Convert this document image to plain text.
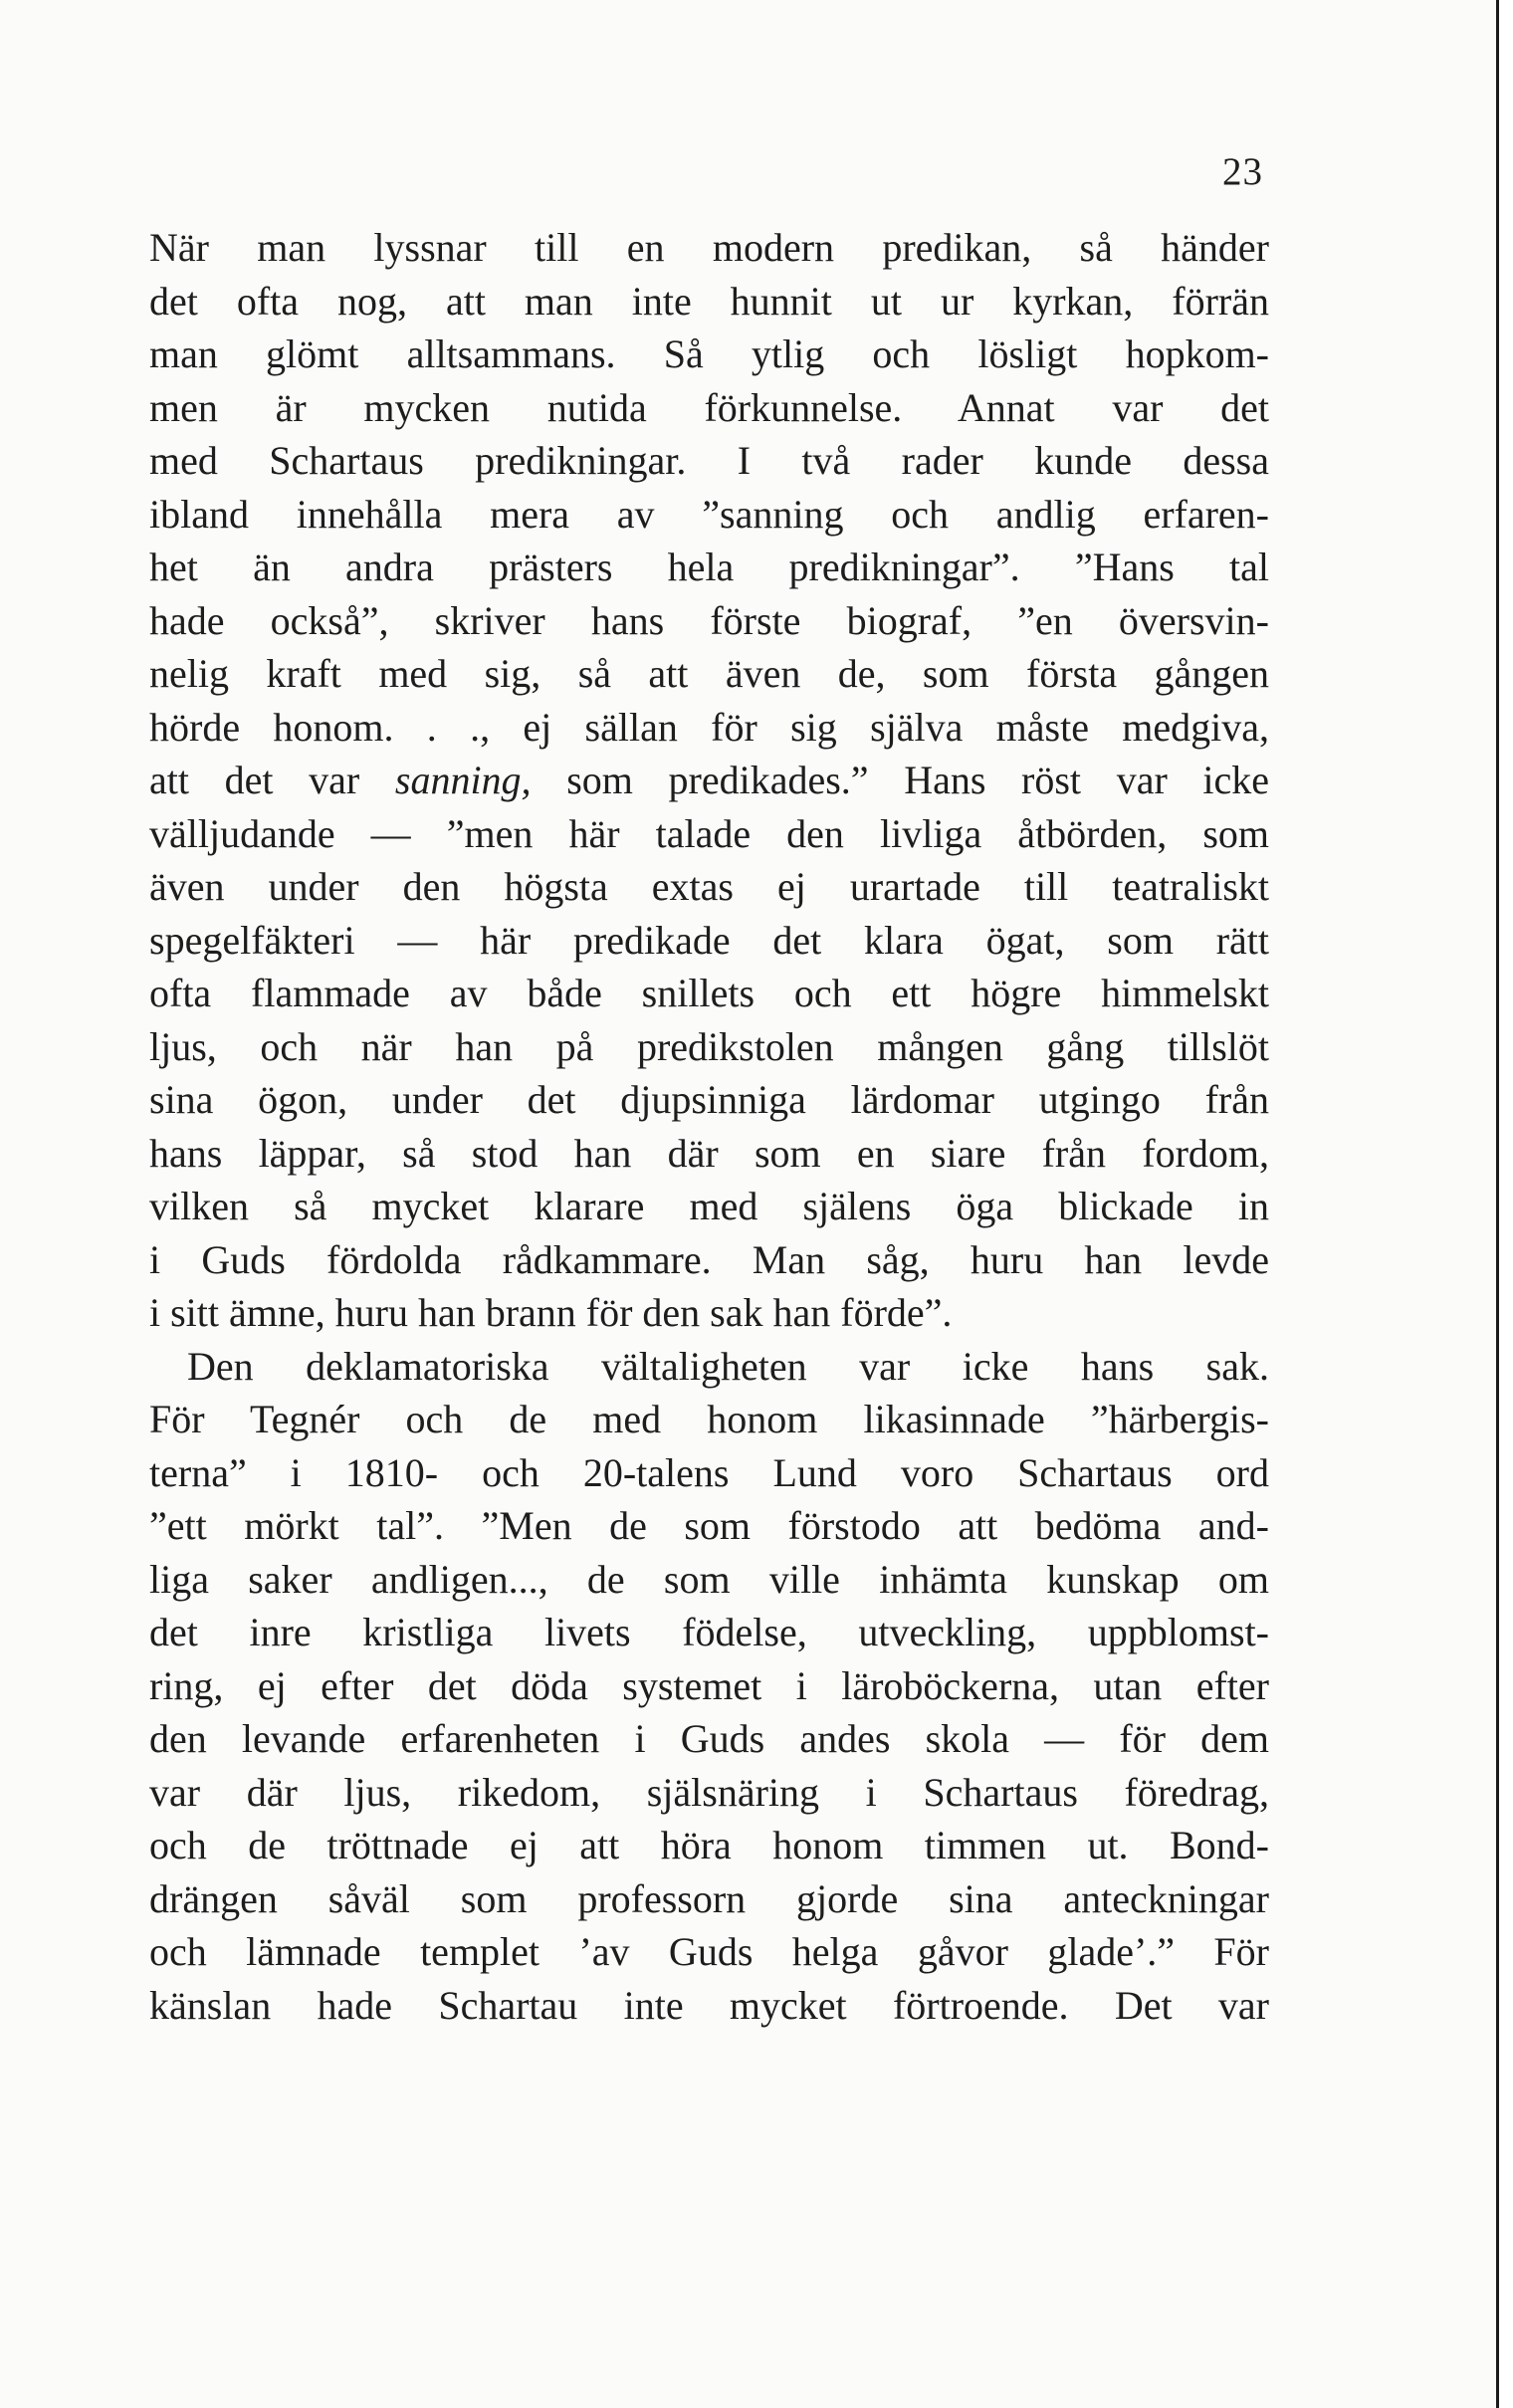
23
När man lyssnar till en modern predikan, så händer
det ofta nog, att man inte hunnit ut ur kyrkan, förrän
man glömt alltsammans. Så ytlig och lösligt hopkom-
men är mycken nutida förkunnelse. Annat var det
med Schartaus predikningar. I två rader kunde dessa
ibland innehålla mera av ”sanning och andlig erfaren-
het än andra prästers hela predikningar”. ”Hans tal
hade också”, skriver hans förste biograf, ”en översvin-
nelig kraft med sig, så att även de, som första gången
hörde honom. . ., ej sällan för sig själva måste medgiva,
att det var sanning, som predikades.” Hans röst var icke
välljudande — ”men här talade den livliga åtbörden, som
även under den högsta extas ej urartade till teatraliskt
spegelfäkteri — här predikade det klara ögat, som rätt
ofta flammade av både snillets och ett högre himmelskt
ljus, och när han på predikstolen mången gång tillslöt
sina ögon, under det djupsinniga lärdomar utgingo från
hans läppar, så stod han där som en siare från fordom,
vilken så mycket klarare med själens öga blickade in
i Guds fördolda rådkammare. Man såg, huru han levde
i sitt ämne, huru han brann för den sak han förde”.
Den deklamatoriska vältaligheten var icke hans sak.
För Tegnér och de med honom likasinnade ”härbergis-
terna” i 1810- och 20-talens Lund voro Schartaus ord
”ett mörkt tal”. ”Men de som förstodo att bedöma and-
liga saker andligen..., de som ville inhämta kunskap om
det inre kristliga livets födelse, utveckling, uppblomst-
ring, ej efter det döda systemet i läroböckerna, utan efter
den levande erfarenheten i Guds andes skola — för dem
var där ljus, rikedom, själsnäring i Schartaus föredrag,
och de tröttnade ej att höra honom timmen ut. Bond-
drängen såväl som professorn gjorde sina anteckningar
och lämnade templet ’av Guds helga gåvor glade’.” För
känslan hade Schartau inte mycket förtroende. Det var
